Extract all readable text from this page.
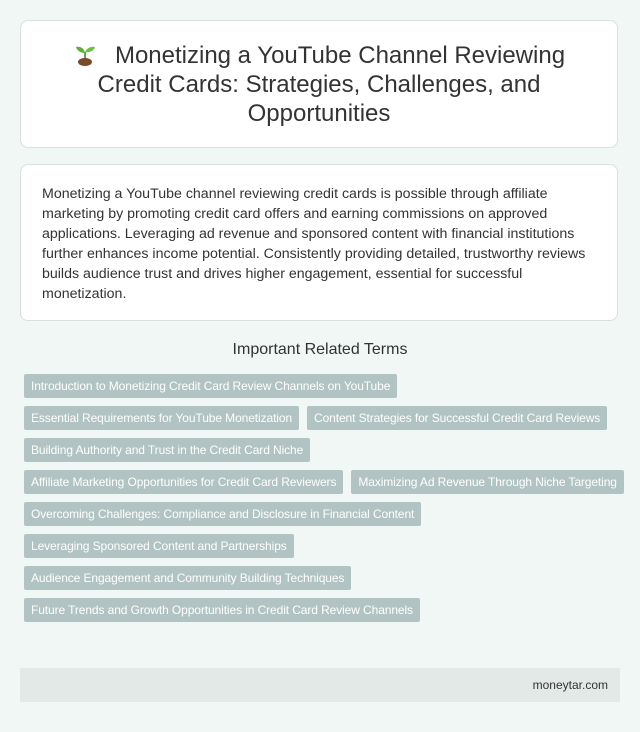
Monetizing a YouTube Channel Reviewing Credit Cards: Strategies, Challenges, and Opportunities

Monetizing a YouTube channel reviewing credit cards is possible through affiliate marketing by promoting credit card offers and earning commissions on approved applications. Leveraging ad revenue and sponsored content with financial institutions further enhances income potential. Consistently providing detailed, trustworthy reviews builds audience trust and drives higher engagement, essential for successful monetization.

Important Related Terms
Introduction to Monetizing Credit Card Review Channels on YouTube
Essential Requirements for YouTube Monetization	Content Strategies for Successful Credit Card Reviews
Building Authority and Trust in the Credit Card Niche
Affiliate Marketing Opportunities for Credit Card Reviewers	Maximizing Ad Revenue Through Niche Targeting
Overcoming Challenges: Compliance and Disclosure in Financial Content
Leveraging Sponsored Content and Partnerships
Audience Engagement and Community Building Techniques
Future Trends and Growth Opportunities in Credit Card Review Channels
moneytar.com
